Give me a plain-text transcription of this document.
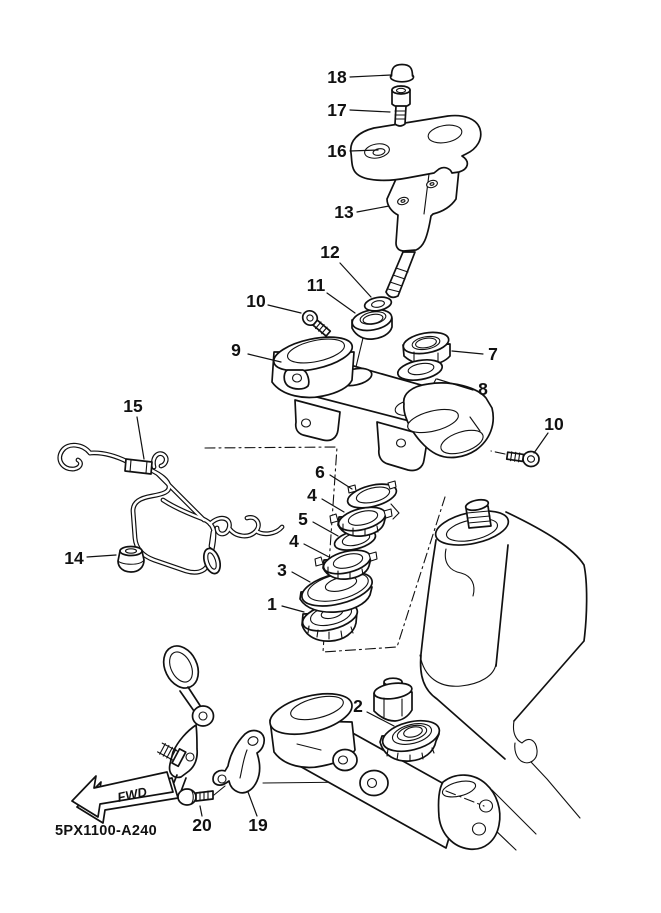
FWD
5PX1100-A240
18
17
16
13
12
11
10
9	7
8
15
10
6
4
5
4
3
1
14
2
20 19
